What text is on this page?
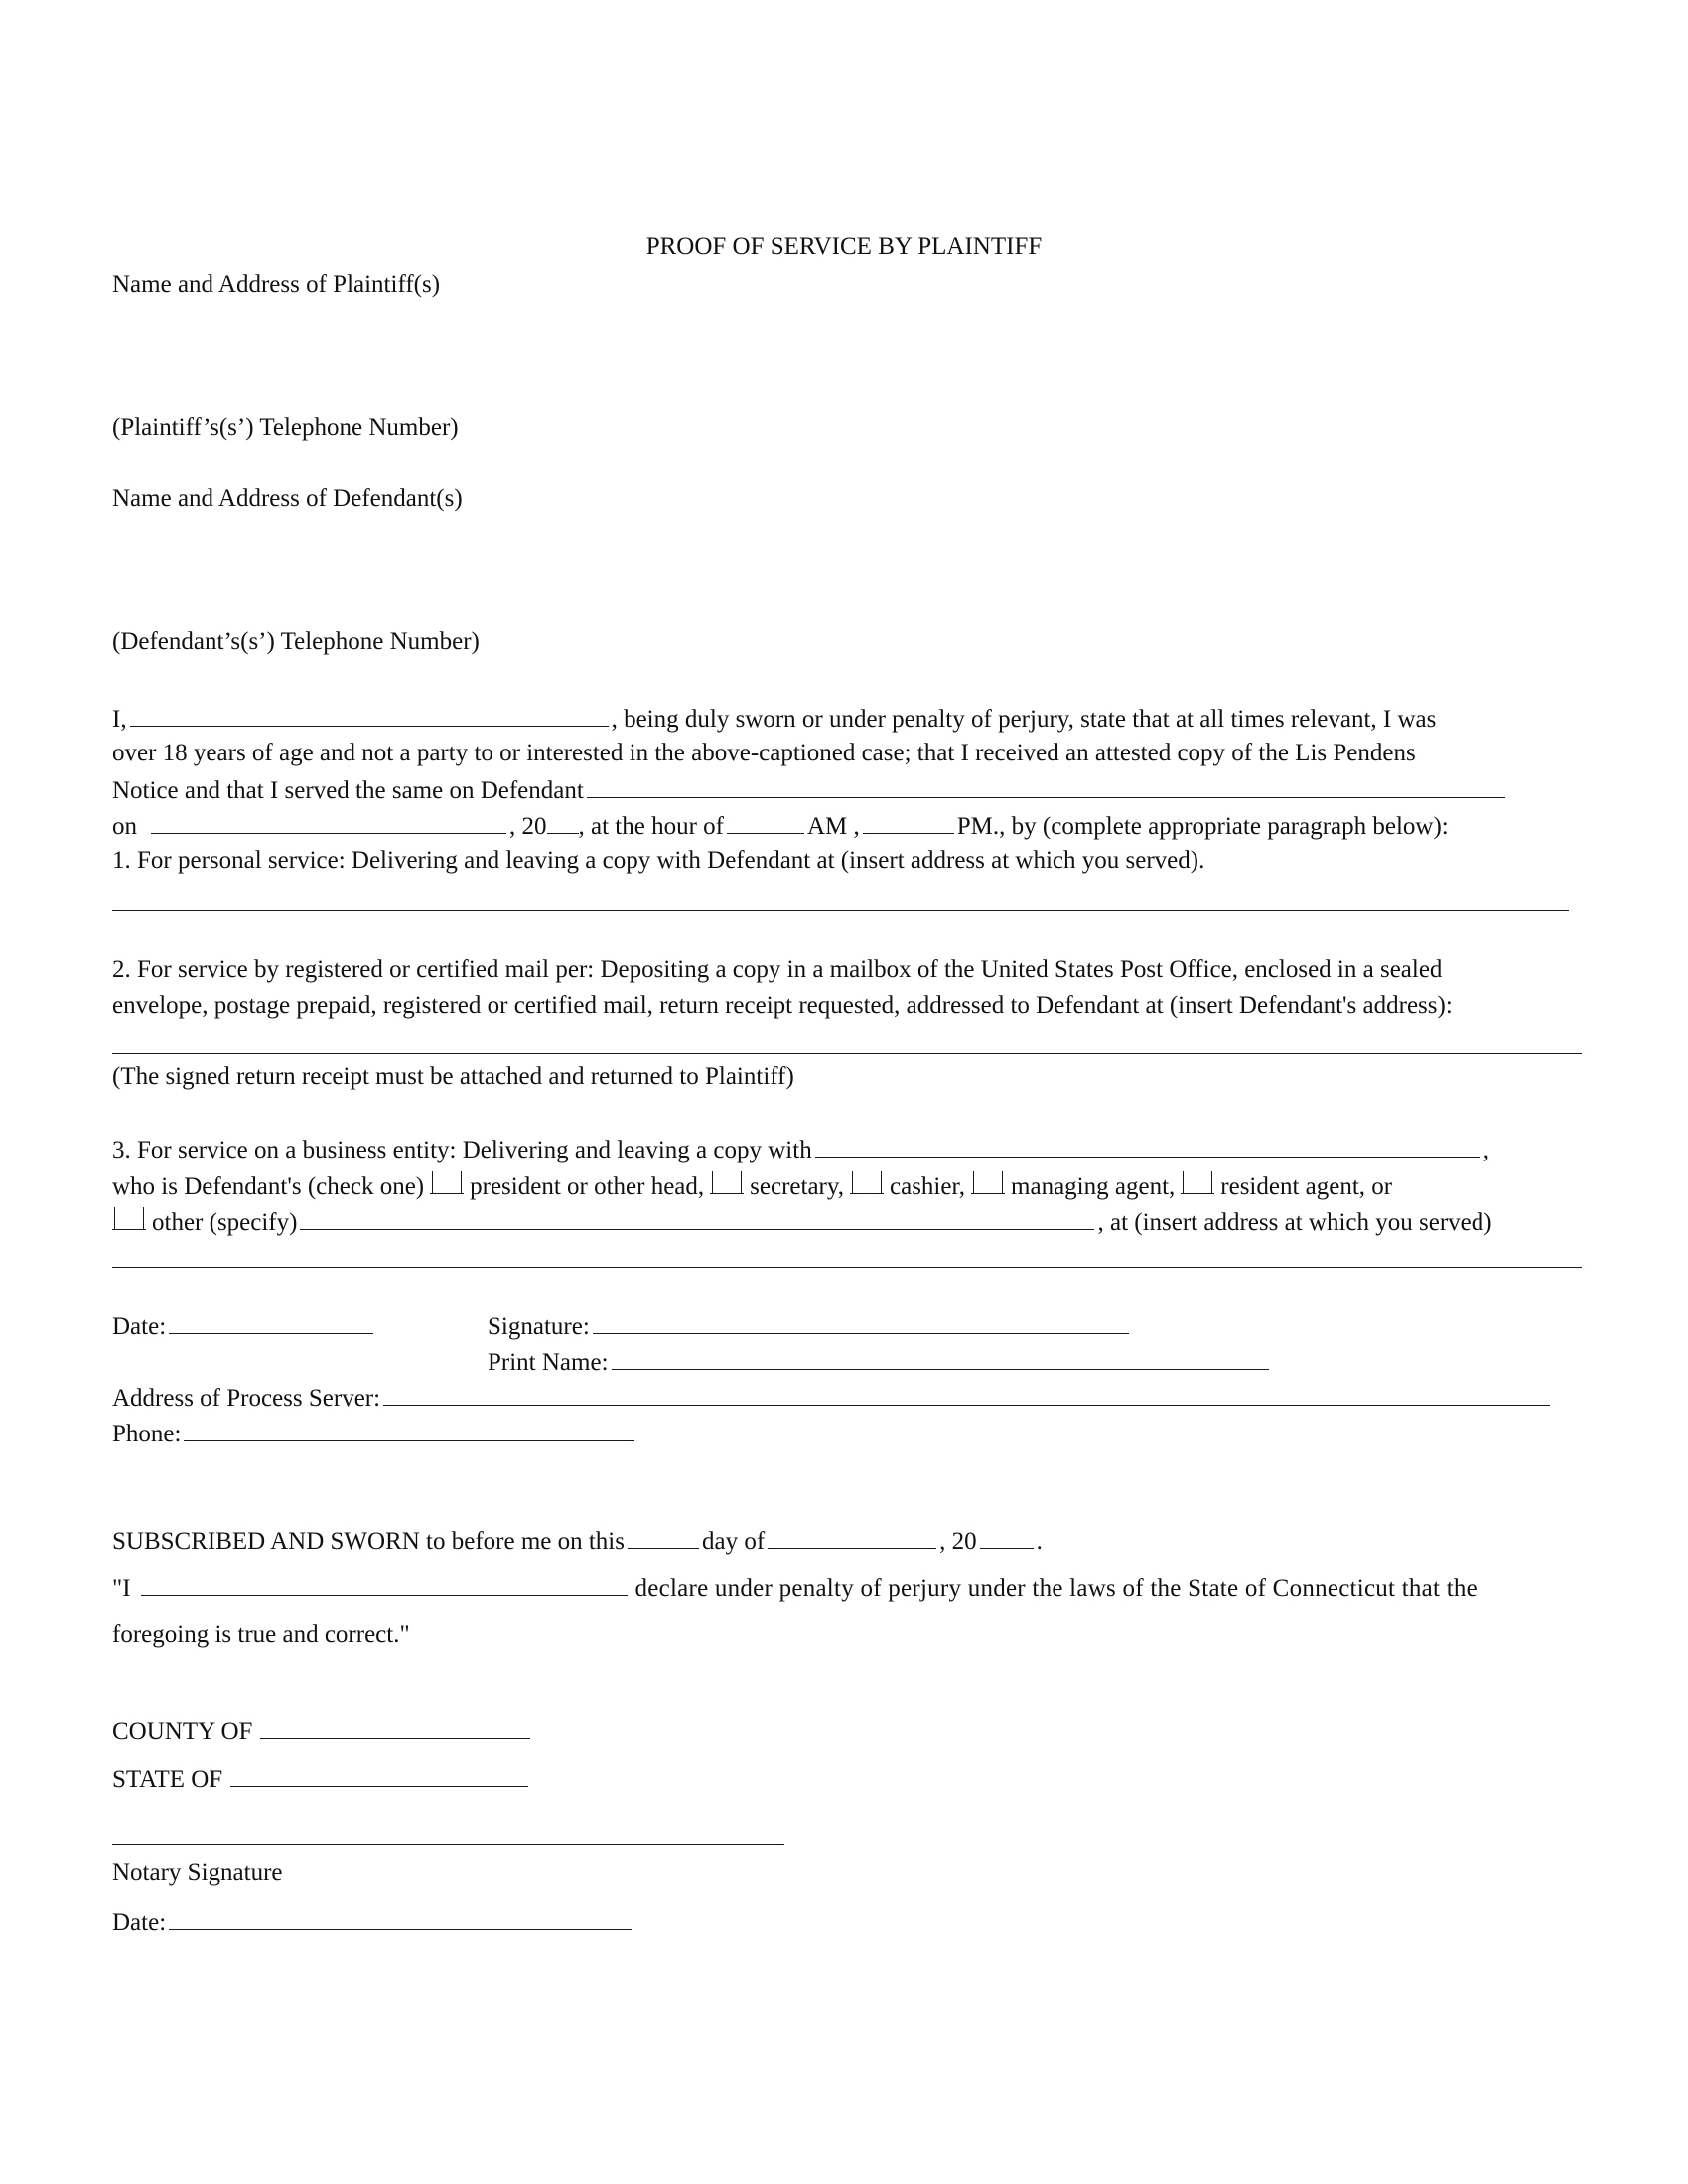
PROOF OF SERVICE BY PLAINTIFF
Name and Address of Plaintiff(s)
(Plaintiff’s(s’) Telephone Number)
Name and Address of Defendant(s)
(Defendant’s(s’) Telephone Number)
I,	, being duly sworn or under penalty of perjury, state that at all times relevant, I was
over 18 years of age and not a party to or interested in the above-captioned case; that I received an attested copy of the Lis Pendens
Notice and that I served the same on Defendant
on	, 20 , at the hour of	AM ,	PM., by (complete appropriate paragraph below):
1. For personal service: Delivering and leaving a copy with Defendant at (insert address at which you served).
2. For service by registered or certified mail per: Depositing a copy in a mailbox of the United States Post Office, enclosed in a sealed
envelope, postage prepaid, registered or certified mail, return receipt requested, addressed to Defendant at (insert Defendant's address):
(The signed return receipt must be attached and returned to Plaintiff)
3. For service on a business entity: Delivering and leaving a copy with	,
who is Defendant's (check one) president or other head, secretary, cashier, managing agent, resident agent, or
other (specify)	, at (insert address at which you served)
Date:	Signature:
Print Name:
Address of Process Server:
Phone:
SUBSCRIBED AND SWORN to before me on this	day of	, 20 .
"I	declare under penalty of perjury under the laws of the State of Connecticut that the
foregoing is true and correct."
COUNTY OF
STATE OF
Notary Signature
Date:
